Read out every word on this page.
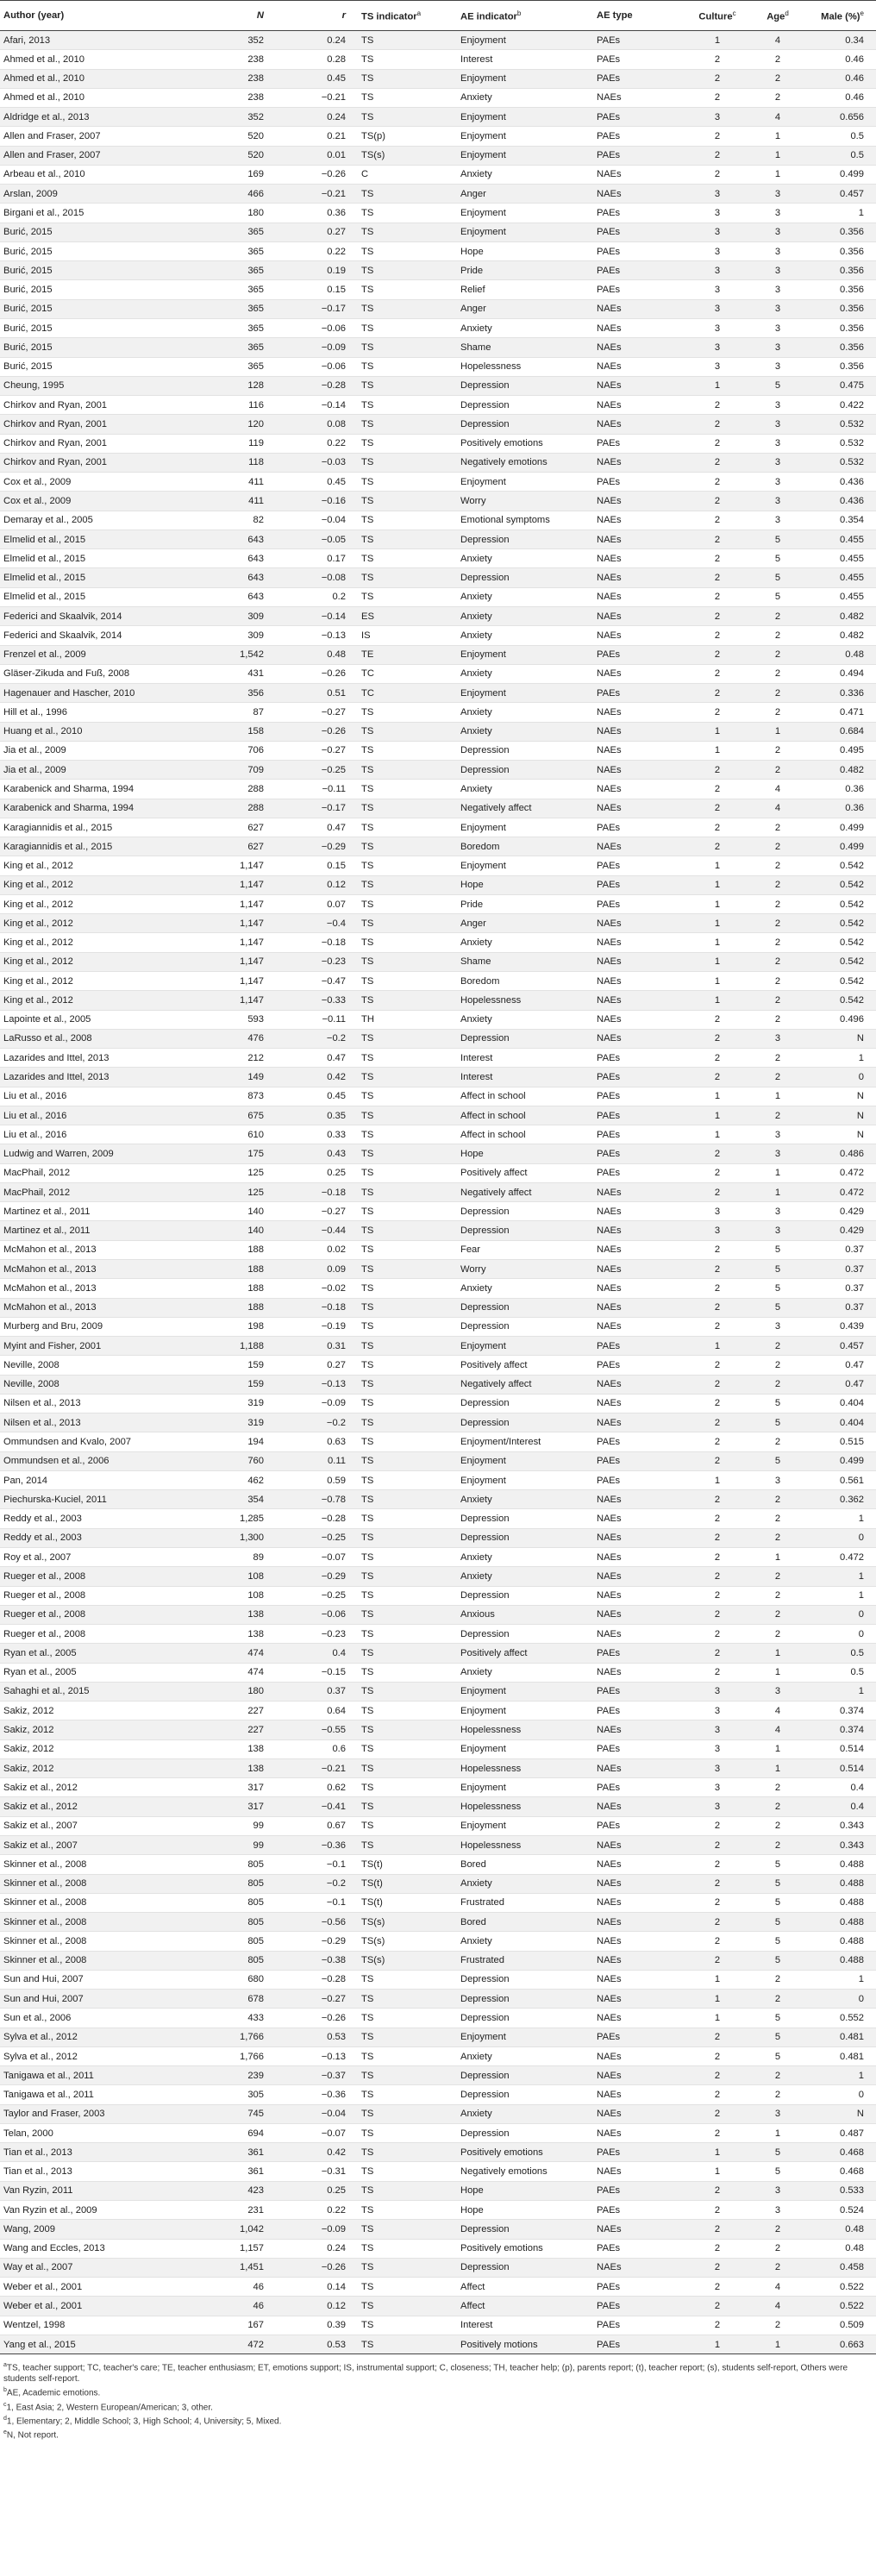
Author (year)	N	r	TS indicator$^a$	AE indicator$^b$	AE type	Culture$^c$	Age$^d$	Male (%)$^e$
Afari, 2013	352	0.24	TS	Enjoyment	PAEs	1	4	0.34
Ahmed et al., 2010	238	0.28	TS	Interest	PAEs	2	2	0.46
Ahmed et al., 2010	238	0.45	TS	Enjoyment	PAEs	2	2	0.46
Ahmed et al., 2010	238	−0.21	TS	Anxiety	NAEs	2	2	0.46
Aldridge et al., 2013	352	0.24	TS	Enjoyment	PAEs	3	4	0.656
Allen and Fraser, 2007	520	0.21	TS(p)	Enjoyment	PAEs	2	1	0.5
Allen and Fraser, 2007	520	0.01	TS(s)	Enjoyment	PAEs	2	1	0.5
Arbeau et al., 2010	169	−0.26	C	Anxiety	NAEs	2	1	0.499
Arslan, 2009	466	−0.21	TS	Anger	NAEs	3	3	0.457
Birgani et al., 2015	180	0.36	TS	Enjoyment	PAEs	3	3	1
Burić, 2015	365	0.27	TS	Enjoyment	PAEs	3	3	0.356
Burić, 2015	365	0.22	TS	Hope	PAEs	3	3	0.356
Burić, 2015	365	0.19	TS	Pride	PAEs	3	3	0.356
Burić, 2015	365	0.15	TS	Relief	PAEs	3	3	0.356
Burić, 2015	365	−0.17	TS	Anger	NAEs	3	3	0.356
Burić, 2015	365	−0.06	TS	Anxiety	NAEs	3	3	0.356
Burić, 2015	365	−0.09	TS	Shame	NAEs	3	3	0.356
Burić, 2015	365	−0.06	TS	Hopelessness	NAEs	3	3	0.356
Cheung, 1995	128	−0.28	TS	Depression	NAEs	1	5	0.475
Chirkov and Ryan, 2001	116	−0.14	TS	Depression	NAEs	2	3	0.422
Chirkov and Ryan, 2001	120	0.08	TS	Depression	NAEs	2	3	0.532
Chirkov and Ryan, 2001	119	0.22	TS	Positively emotions	PAEs	2	3	0.532
Chirkov and Ryan, 2001	118	−0.03	TS	Negatively emotions	NAEs	2	3	0.532
Cox et al., 2009	411	0.45	TS	Enjoyment	PAEs	2	3	0.436
Cox et al., 2009	411	−0.16	TS	Worry	NAEs	2	3	0.436
Demaray et al., 2005	82	−0.04	TS	Emotional symptoms	NAEs	2	3	0.354
Elmelid et al., 2015	643	−0.05	TS	Depression	NAEs	2	5	0.455
Elmelid et al., 2015	643	0.17	TS	Anxiety	NAEs	2	5	0.455
Elmelid et al., 2015	643	−0.08	TS	Depression	NAEs	2	5	0.455
Elmelid et al., 2015	643	0.2	TS	Anxiety	NAEs	2	5	0.455
Federici and Skaalvik, 2014	309	−0.14	ES	Anxiety	NAEs	2	2	0.482
Federici and Skaalvik, 2014	309	−0.13	IS	Anxiety	NAEs	2	2	0.482
Frenzel et al., 2009	1,542	0.48	TE	Enjoyment	PAEs	2	2	0.48
Gläser-Zikuda and Fuß, 2008	431	−0.26	TC	Anxiety	NAEs	2	2	0.494
Hagenauer and Hascher, 2010	356	0.51	TC	Enjoyment	PAEs	2	2	0.336
Hill et al., 1996	87	−0.27	TS	Anxiety	NAEs	2	2	0.471
Huang et al., 2010	158	−0.26	TS	Anxiety	NAEs	1	1	0.684
Jia et al., 2009	706	−0.27	TS	Depression	NAEs	1	2	0.495
Jia et al., 2009	709	−0.25	TS	Depression	NAEs	2	2	0.482
Karabenick and Sharma, 1994	288	−0.11	TS	Anxiety	NAEs	2	4	0.36
Karabenick and Sharma, 1994	288	−0.17	TS	Negatively affect	NAEs	2	4	0.36
Karagiannidis et al., 2015	627	0.47	TS	Enjoyment	PAEs	2	2	0.499
Karagiannidis et al., 2015	627	−0.29	TS	Boredom	NAEs	2	2	0.499
King et al., 2012	1,147	0.15	TS	Enjoyment	PAEs	1	2	0.542
King et al., 2012	1,147	0.12	TS	Hope	PAEs	1	2	0.542
King et al., 2012	1,147	0.07	TS	Pride	PAEs	1	2	0.542
King et al., 2012	1,147	−0.4	TS	Anger	NAEs	1	2	0.542
King et al., 2012	1,147	−0.18	TS	Anxiety	NAEs	1	2	0.542
King et al., 2012	1,147	−0.23	TS	Shame	NAEs	1	2	0.542
King et al., 2012	1,147	−0.47	TS	Boredom	NAEs	1	2	0.542
King et al., 2012	1,147	−0.33	TS	Hopelessness	NAEs	1	2	0.542
Lapointe et al., 2005	593	−0.11	TH	Anxiety	NAEs	2	2	0.496
LaRusso et al., 2008	476	−0.2	TS	Depression	NAEs	2	3	N
Lazarides and Ittel, 2013	212	0.47	TS	Interest	PAEs	2	2	1
Lazarides and Ittel, 2013	149	0.42	TS	Interest	PAEs	2	2	0
Liu et al., 2016	873	0.45	TS	Affect in school	PAEs	1	1	N
Liu et al., 2016	675	0.35	TS	Affect in school	PAEs	1	2	N
Liu et al., 2016	610	0.33	TS	Affect in school	PAEs	1	3	N
Ludwig and Warren, 2009	175	0.43	TS	Hope	PAEs	2	3	0.486
MacPhail, 2012	125	0.25	TS	Positively affect	PAEs	2	1	0.472
MacPhail, 2012	125	−0.18	TS	Negatively affect	NAEs	2	1	0.472
Martinez et al., 2011	140	−0.27	TS	Depression	NAEs	3	3	0.429
Martinez et al., 2011	140	−0.44	TS	Depression	NAEs	3	3	0.429
McMahon et al., 2013	188	0.02	TS	Fear	NAEs	2	5	0.37
McMahon et al., 2013	188	0.09	TS	Worry	NAEs	2	5	0.37
McMahon et al., 2013	188	−0.02	TS	Anxiety	NAEs	2	5	0.37
McMahon et al., 2013	188	−0.18	TS	Depression	NAEs	2	5	0.37
Murberg and Bru, 2009	198	−0.19	TS	Depression	NAEs	2	3	0.439
Myint and Fisher, 2001	1,188	0.31	TS	Enjoyment	PAEs	1	2	0.457
Neville, 2008	159	0.27	TS	Positively affect	PAEs	2	2	0.47
Neville, 2008	159	−0.13	TS	Negatively affect	NAEs	2	2	0.47
Nilsen et al., 2013	319	−0.09	TS	Depression	NAEs	2	5	0.404
Nilsen et al., 2013	319	−0.2	TS	Depression	NAEs	2	5	0.404
Ommundsen and Kvalo, 2007	194	0.63	TS	Enjoyment/Interest	PAEs	2	2	0.515
Ommundsen et al., 2006	760	0.11	TS	Enjoyment	PAEs	2	5	0.499
Pan, 2014	462	0.59	TS	Enjoyment	PAEs	1	3	0.561
Piechurska-Kuciel, 2011	354	−0.78	TS	Anxiety	NAEs	2	2	0.362
Reddy et al., 2003	1,285	−0.28	TS	Depression	NAEs	2	2	1
Reddy et al., 2003	1,300	−0.25	TS	Depression	NAEs	2	2	0
Roy et al., 2007	89	−0.07	TS	Anxiety	NAEs	2	1	0.472
Rueger et al., 2008	108	−0.29	TS	Anxiety	NAEs	2	2	1
Rueger et al., 2008	108	−0.25	TS	Depression	NAEs	2	2	1
Rueger et al., 2008	138	−0.06	TS	Anxious	NAEs	2	2	0
Rueger et al., 2008	138	−0.23	TS	Depression	NAEs	2	2	0
Ryan et al., 2005	474	0.4	TS	Positively affect	PAEs	2	1	0.5
Ryan et al., 2005	474	−0.15	TS	Anxiety	NAEs	2	1	0.5
Sahaghi et al., 2015	180	0.37	TS	Enjoyment	PAEs	3	3	1
Sakiz, 2012	227	0.64	TS	Enjoyment	PAEs	3	4	0.374
Sakiz, 2012	227	−0.55	TS	Hopelessness	NAEs	3	4	0.374
Sakiz, 2012	138	0.6	TS	Enjoyment	PAEs	3	1	0.514
Sakiz, 2012	138	−0.21	TS	Hopelessness	NAEs	3	1	0.514
Sakiz et al., 2012	317	0.62	TS	Enjoyment	PAEs	3	2	0.4
Sakiz et al., 2012	317	−0.41	TS	Hopelessness	NAEs	3	2	0.4
Sakiz et al., 2007	99	0.67	TS	Enjoyment	PAEs	2	2	0.343
Sakiz et al., 2007	99	−0.36	TS	Hopelessness	NAEs	2	2	0.343
Skinner et al., 2008	805	−0.1	TS(t)	Bored	NAEs	2	5	0.488
Skinner et al., 2008	805	−0.2	TS(t)	Anxiety	NAEs	2	5	0.488
Skinner et al., 2008	805	−0.1	TS(t)	Frustrated	NAEs	2	5	0.488
Skinner et al., 2008	805	−0.56	TS(s)	Bored	NAEs	2	5	0.488
Skinner et al., 2008	805	−0.29	TS(s)	Anxiety	NAEs	2	5	0.488
Skinner et al., 2008	805	−0.38	TS(s)	Frustrated	NAEs	2	5	0.488
Sun and Hui, 2007	680	−0.28	TS	Depression	NAEs	1	2	1
Sun and Hui, 2007	678	−0.27	TS	Depression	NAEs	1	2	0
Sun et al., 2006	433	−0.26	TS	Depression	NAEs	1	5	0.552
Sylva et al., 2012	1,766	0.53	TS	Enjoyment	PAEs	2	5	0.481
Sylva et al., 2012	1,766	−0.13	TS	Anxiety	NAEs	2	5	0.481
Tanigawa et al., 2011	239	−0.37	TS	Depression	NAEs	2	2	1
Tanigawa et al., 2011	305	−0.36	TS	Depression	NAEs	2	2	0
Taylor and Fraser, 2003	745	−0.04	TS	Anxiety	NAEs	2	3	N
Telan, 2000	694	−0.07	TS	Depression	NAEs	2	1	0.487
Tian et al., 2013	361	0.42	TS	Positively emotions	PAEs	1	5	0.468
Tian et al., 2013	361	−0.31	TS	Negatively emotions	NAEs	1	5	0.468
Van Ryzin, 2011	423	0.25	TS	Hope	PAEs	2	3	0.533
Van Ryzin et al., 2009	231	0.22	TS	Hope	PAEs	2	3	0.524
Wang, 2009	1,042	−0.09	TS	Depression	NAEs	2	2	0.48
Wang and Eccles, 2013	1,157	0.24	TS	Positively emotions	PAEs	2	2	0.48
Way et al., 2007	1,451	−0.26	TS	Depression	NAEs	2	2	0.458
Weber et al., 2001	46	0.14	TS	Affect	PAEs	2	4	0.522
Weber et al., 2001	46	0.12	TS	Affect	PAEs	2	4	0.522
Wentzel, 1998	167	0.39	TS	Interest	PAEs	2	2	0.509
Yang et al., 2015	472	0.53	TS	Positively motions	PAEs	1	1	0.663
$^a$TS, teacher support; TC, teacher's care; TE, teacher enthusiasm; ET, emotions support; IS, instrumental support; C, closeness; TH, teacher help; (p), parents report; (t), teacher report; (s), students self-report, Others were students self-report.
$^b$AE, Academic emotions.
$^c$1, East Asia; 2, Western European/American; 3, other.
$^d$1, Elementary; 2, Middle School; 3, High School; 4, University; 5, Mixed.
$^e$N, Not report.
